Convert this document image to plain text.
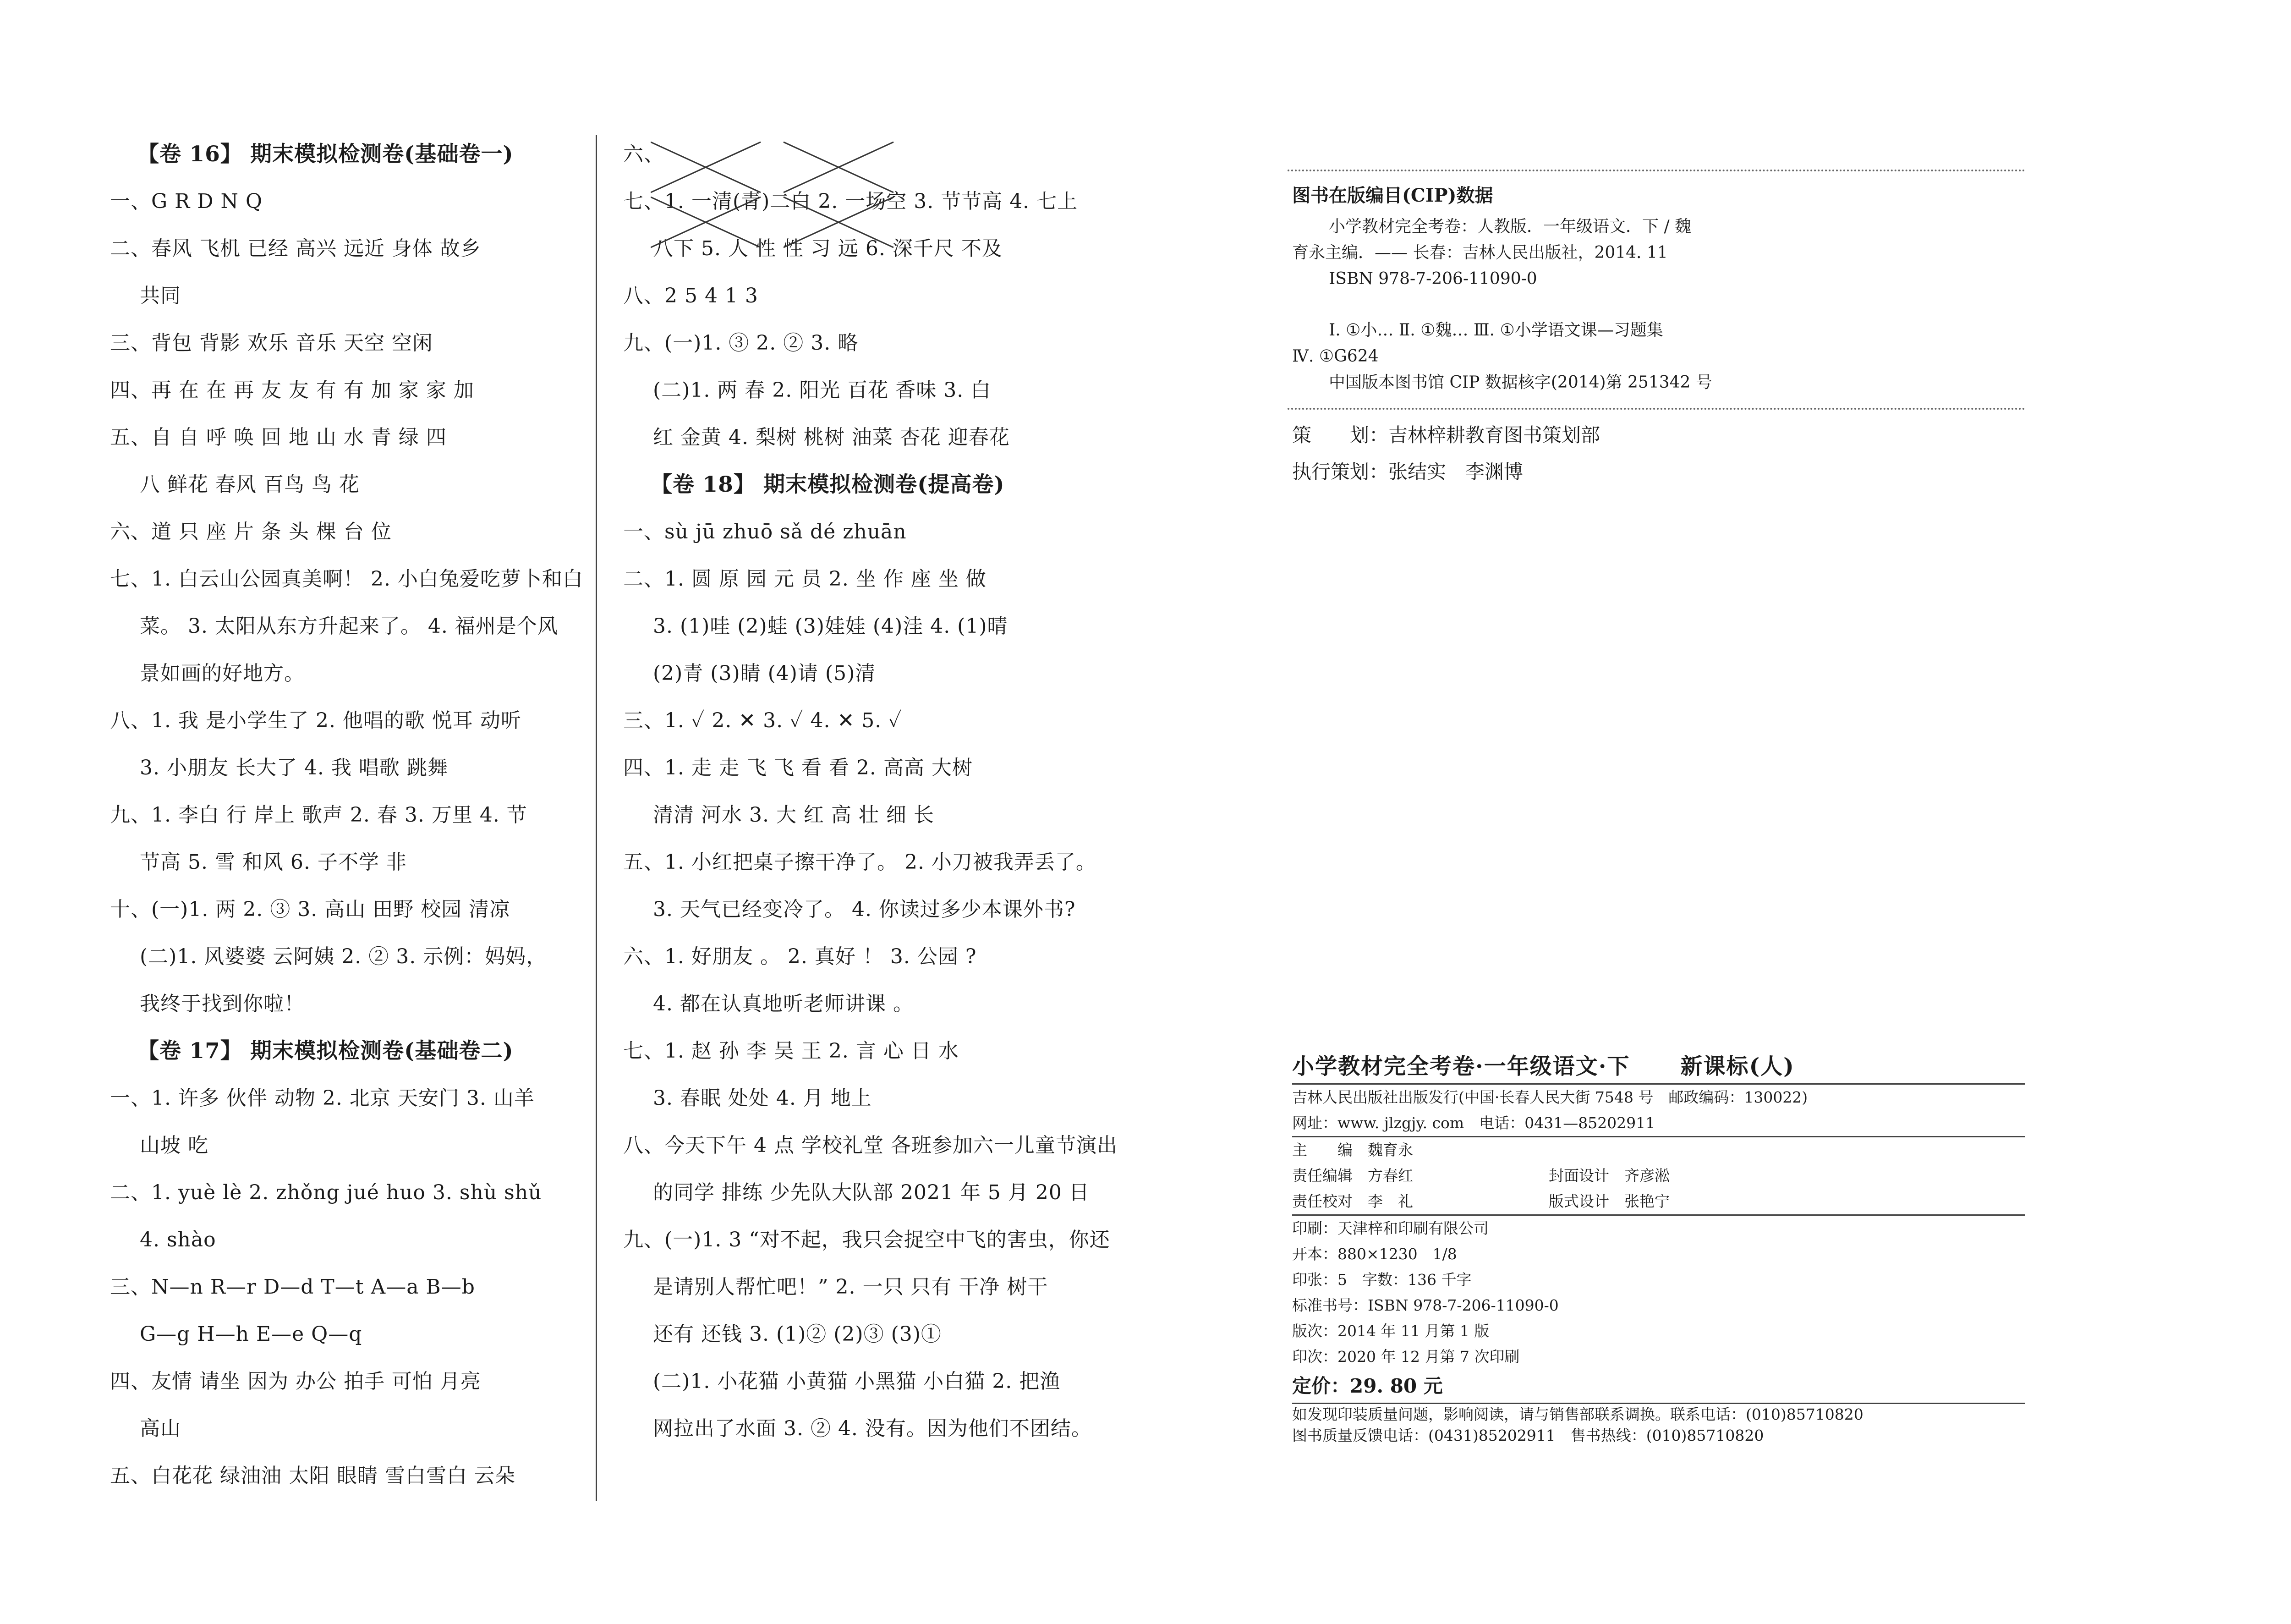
【卷 16】 期末模拟检测卷(基础卷一)
一、G R D N Q
二、春风 飞机 已经 高兴 远近 身体 故乡
共同
三、背包 背影 欢乐 音乐 天空 空闲
四、再 在 在 再 友 友 有 有 加 家 家 加
五、自 自 呼 唤 回 地 山 水 青 绿 四
八 鲜花 春风 百鸟 鸟 花
六、道 只 座 片 条 头 棵 台 位
七、1. 白云山公园真美啊！ 2. 小白兔爱吃萝卜和白
菜。 3. 太阳从东方升起来了。 4. 福州是个风
景如画的好地方。
八、1. 我 是小学生了 2. 他唱的歌 悦耳 动听
3. 小朋友 长大了 4. 我 唱歌 跳舞
九、1. 李白 行 岸上 歌声 2. 春 3. 万里 4. 节
节高 5. 雪 和风 6. 子不学 非
十、(一)1. 两 2. ③ 3. 高山 田野 校园 清凉
(二)1. 风婆婆 云阿姨 2. ② 3. 示例：妈妈，
我终于找到你啦！
【卷 17】 期末模拟检测卷(基础卷二)
一、1. 许多 伙伴 动物 2. 北京 天安门 3. 山羊
山坡 吃
二、1. yuè lè 2. zhǒng jué huo 3. shù shǔ
4. shào
三、N—n R—r D—d T—t A—a B—b
G—g H—h E—e Q—q
四、友情 请坐 因为 办公 拍手 可怕 月亮
高山
五、白花花 绿油油 太阳 眼睛 雪白雪白 云朵
六、
七、1. 一清(青)二白 2. 一场空 3. 节节高 4. 七上
八下 5. 人 性 性 习 远 6. 深千尺 不及
八、2 5 4 1 3
九、(一)1. ③ 2. ② 3. 略
(二)1. 两 春 2. 阳光 百花 香味 3. 白
红 金黄 4. 梨树 桃树 油菜 杏花 迎春花
【卷 18】 期末模拟检测卷(提高卷)
一、sù jū zhuō sǎ dé zhuān
二、1. 圆 原 园 元 员 2. 坐 作 座 坐 做
3. (1)哇 (2)蛙 (3)娃娃 (4)洼 4. (1)晴
(2)青 (3)睛 (4)请 (5)清
三、1. ✓ 2. ✕ 3. ✓ 4. ✕ 5. ✓
四、1. 走 走 飞 飞 看 看 2. 高高 大树
清清 河水 3. 大 红 高 壮 细 长
五、1. 小红把桌子擦干净了。 2. 小刀被我弄丢了。
3. 天气已经变冷了。 4. 你读过多少本课外书?
六、1. 好朋友 。 2. 真好 ！ 3. 公园 ?
4. 都在认真地听老师讲课 。
七、1. 赵 孙 李 吴 王 2. 言 心 日 水
3. 春眠 处处 4. 月 地上
八、今天下午 4 点 学校礼堂 各班参加六一儿童节演出
的同学 排练 少先队大队部 2021 年 5 月 20 日
九、(一)1. 3 “对不起，我只会捉空中飞的害虫，你还
是请别人帮忙吧！” 2. 一只 只有 干净 树干
还有 还钱 3. (1)② (2)③ (3)①
(二)1. 小花猫 小黄猫 小黑猫 小白猫 2. 把渔
网拉出了水面 3. ② 4. 没有。因为他们不团结。
图书在版编目(CIP)数据
小学教材完全考卷：人教版．一年级语文．下 / 魏
育永主编．—— 长春：吉林人民出版社，2014. 11
ISBN 978-7-206-11090-0
Ⅰ. ①小… Ⅱ. ①魏… Ⅲ. ①小学语文课—习题集
Ⅳ. ①G624
中国版本图书馆 CIP 数据核字(2014)第 251342 号
策　　划：吉林梓耕教育图书策划部
执行策划：张结实　李渊博
小学教材完全考卷·一年级语文·下 新课标(人)
吉林人民出版社出版发行(中国·长春人民大街 7548 号　邮政编码：130022)
网址：www. jlzgjy. com　电话：0431—85202911
主　　编　魏育永
责任编辑　方春红	封面设计　齐彦淞
责任校对　李　礼	版式设计　张艳宁
印刷：天津梓和印刷有限公司
开本：880×1230　1/8
印张：5　字数：136 千字
标准书号：ISBN 978-7-206-11090-0
版次：2014 年 11 月第 1 版
印次：2020 年 12 月第 7 次印刷
定价：29. 80 元
如发现印装质量问题，影响阅读，请与销售部联系调换。联系电话：(010)85710820
图书质量反馈电话：(0431)85202911　售书热线：(010)85710820
